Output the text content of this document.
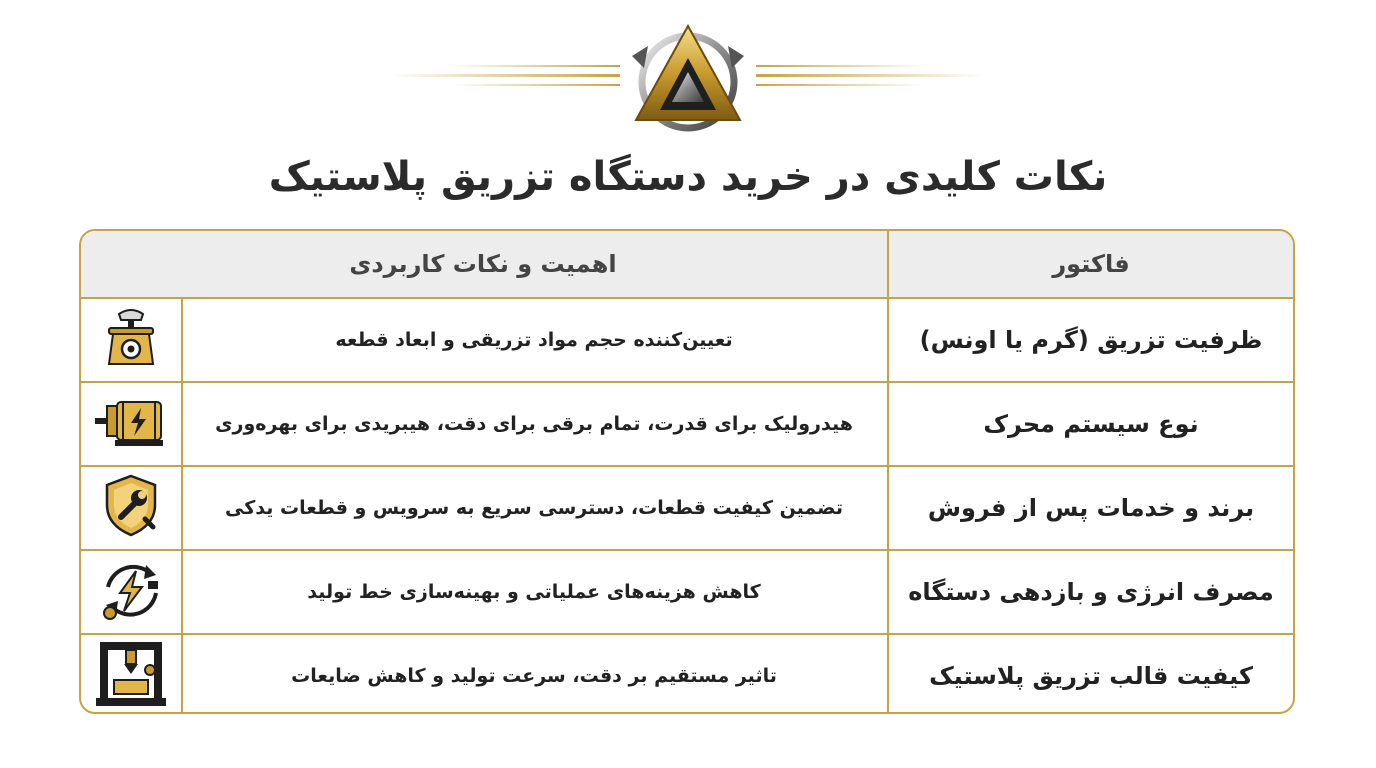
نکات کلیدی در خرید دستگاه تزریق پلاستیک
فاکتور
اهمیت و نکات کاربردی
ظرفیت تزریق (گرم یا اونس)
تعیین‌کننده حجم مواد تزریقی و ابعاد قطعه
نوع سیستم محرک
هیدرولیک برای قدرت، تمام برقی برای دقت، هیبریدی برای بهره‌وری
برند و خدمات پس از فروش
تضمین کیفیت قطعات، دسترسی سریع به سرویس و قطعات یدکی
مصرف انرژی و بازدهی دستگاه
کاهش هزینه‌های عملیاتی و بهینه‌سازی خط تولید
کیفیت قالب تزریق پلاستیک
تاثیر مستقیم بر دقت، سرعت تولید و کاهش ضایعات
